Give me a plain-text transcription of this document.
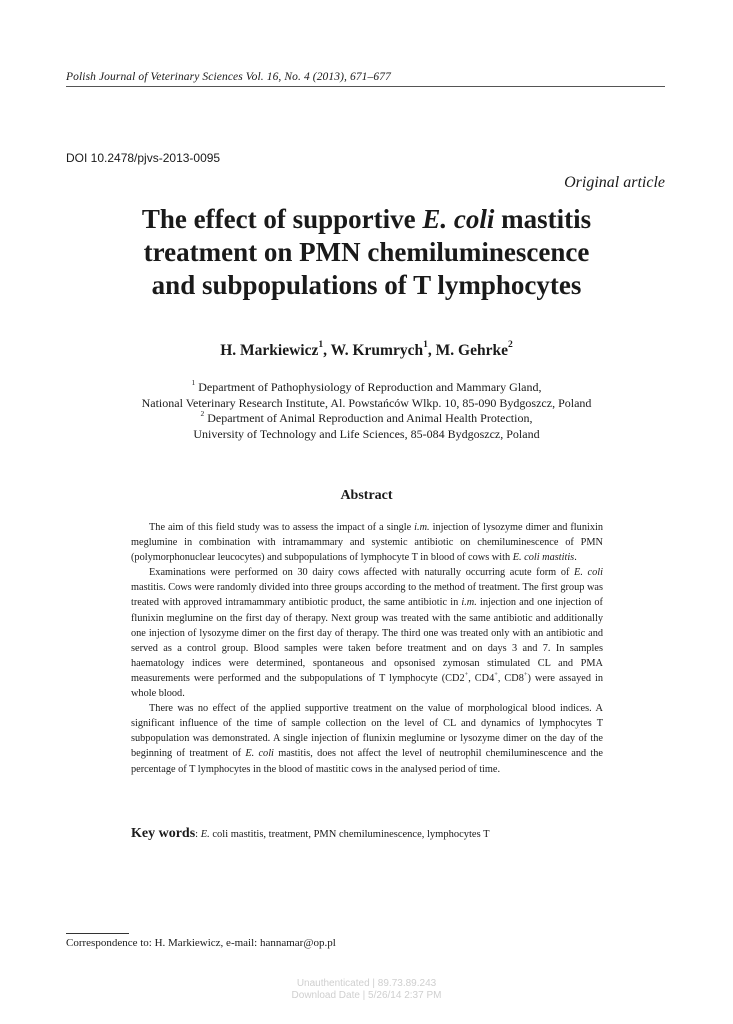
Polish Journal of Veterinary Sciences Vol. 16, No. 4 (2013), 671–677
DOI 10.2478/pjvs-2013-0095
Original article
The effect of supportive E. coli mastitis
treatment on PMN chemiluminescence
and subpopulations of T lymphocytes
H. Markiewicz$^1$, W. Krumrych$^1$, M. Gehrke$^2$
$^1$ Department of Pathophysiology of Reproduction and Mammary Gland,
National Veterinary Research Institute, Al. Powstańców Wlkp. 10, 85-090 Bydgoszcz, Poland
$^2$ Department of Animal Reproduction and Animal Health Protection,
University of Technology and Life Sciences, 85-084 Bydgoszcz, Poland
Abstract

The aim of this field study was to assess the impact of a single i.m. injection of lysozyme dimer and flunixin meglumine in combination with intramammary and systemic antibiotic on chemiluminescence of PMN (polymorphonuclear leucocytes) and subpopulations of lymphocyte T in blood of cows with E. coli mastitis.

Examinations were performed on 30 dairy cows affected with naturally occurring acute form of E. coli mastitis. Cows were randomly divided into three groups according to the method of treatment. The first group was treated with approved intramammary antibiotic product, the same antibiotic in i.m. injection and one injection of flunixin meglumine on the first day of therapy. Next group was treated with the same antibiotic and additionally one injection of lysozyme dimer on the first day of therapy. The third one was treated only with an antibiotic and served as a control group. Blood samples were taken before treatment and on days 3 and 7. In samples haematology indices were determined, spontaneous and opsonised zymosan stimulated CL and PMA measurements were performed and the subpopulations of T lymphocyte (CD2+, CD4+, CD8+) were assayed in whole blood.

There was no effect of the applied supportive treatment on the value of morphological blood indices. A significant influence of the time of sample collection on the level of CL and dynamics of lymphocytes T subpopulation was demonstrated. A single injection of flunixin meglumine or lysozyme dimer on the day of the beginning of treatment of E. coli mastitis, does not affect the level of neutrophil chemiluminescence and the percentage of T lymphocytes in the blood of mastitic cows in the analysed period of time.

Key words: E. coli mastitis, treatment, PMN chemiluminescence, lymphocytes T
Correspondence to: H. Markiewicz, e-mail: hannamar@op.pl
Unauthenticated | 89.73.89.243
Download Date | 5/26/14 2:37 PM
